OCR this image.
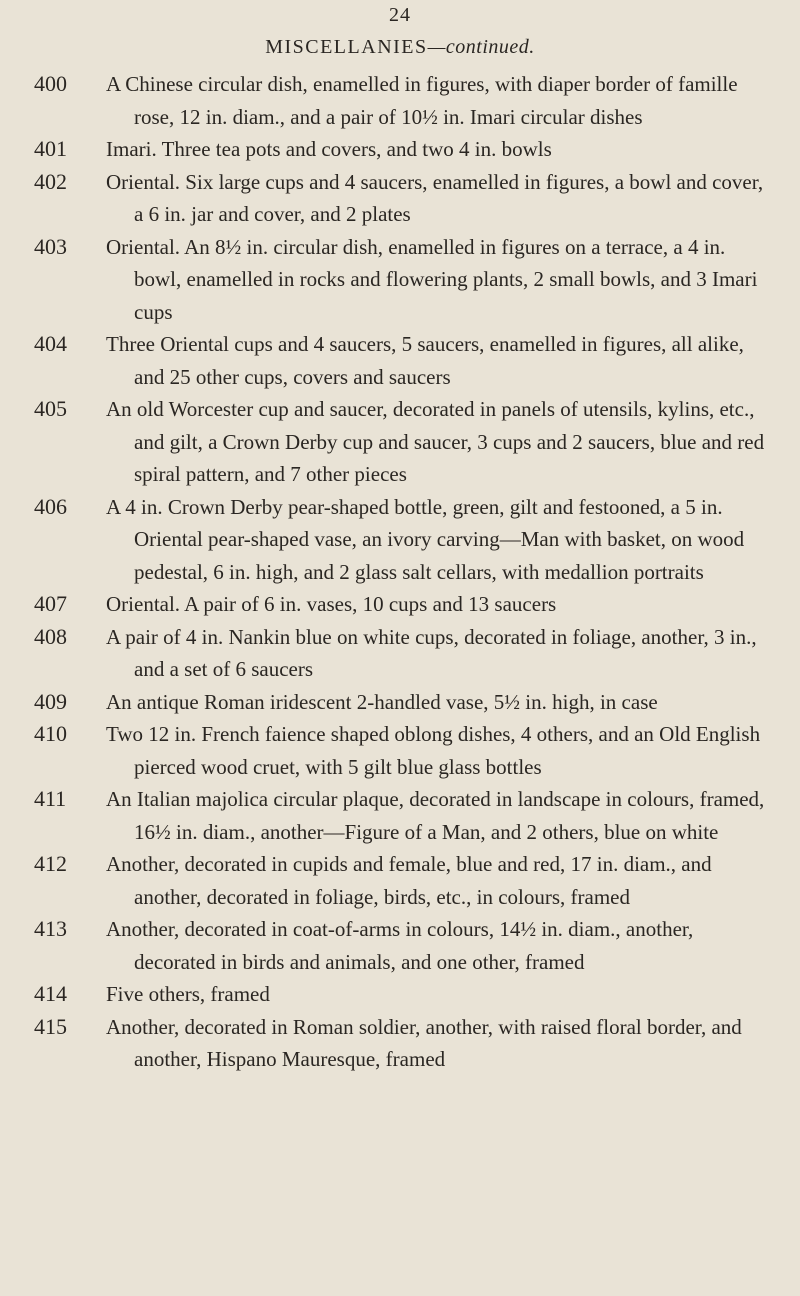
24
MISCELLANIES—continued.
400	A Chinese circular dish, enamelled in figures, with diaper border of famille rose, 12 in. diam., and a pair of 10½ in. Imari circular dishes
401	Imari. Three tea pots and covers, and two 4 in. bowls
402	Oriental. Six large cups and 4 saucers, enamelled in figures, a bowl and cover, a 6 in. jar and cover, and 2 plates
403	Oriental. An 8½ in. circular dish, enamelled in figures on a terrace, a 4 in. bowl, enamelled in rocks and flowering plants, 2 small bowls, and 3 Imari cups
404	Three Oriental cups and 4 saucers, 5 saucers, enamelled in figures, all alike, and 25 other cups, covers and saucers
405	An old Worcester cup and saucer, decorated in panels of utensils, kylins, etc., and gilt, a Crown Derby cup and saucer, 3 cups and 2 saucers, blue and red spiral pattern, and 7 other pieces
406	A 4 in. Crown Derby pear-shaped bottle, green, gilt and festooned, a 5 in. Oriental pear-shaped vase, an ivory carving—Man with basket, on wood pedestal, 6 in. high, and 2 glass salt cellars, with medallion portraits
407	Oriental. A pair of 6 in. vases, 10 cups and 13 saucers
408	A pair of 4 in. Nankin blue on white cups, decorated in foliage, another, 3 in., and a set of 6 saucers
409	An antique Roman iridescent 2-handled vase, 5½ in. high, in case
410	Two 12 in. French faience shaped oblong dishes, 4 others, and an Old English pierced wood cruet, with 5 gilt blue glass bottles
411	An Italian majolica circular plaque, decorated in landscape in colours, framed, 16½ in. diam., another—Figure of a Man, and 2 others, blue on white
412	Another, decorated in cupids and female, blue and red, 17 in. diam., and another, decorated in foliage, birds, etc., in colours, framed
413	Another, decorated in coat-of-arms in colours, 14½ in. diam., another, decorated in birds and animals, and one other, framed
414	Five others, framed
415	Another, decorated in Roman soldier, another, with raised floral border, and another, Hispano Mauresque, framed
